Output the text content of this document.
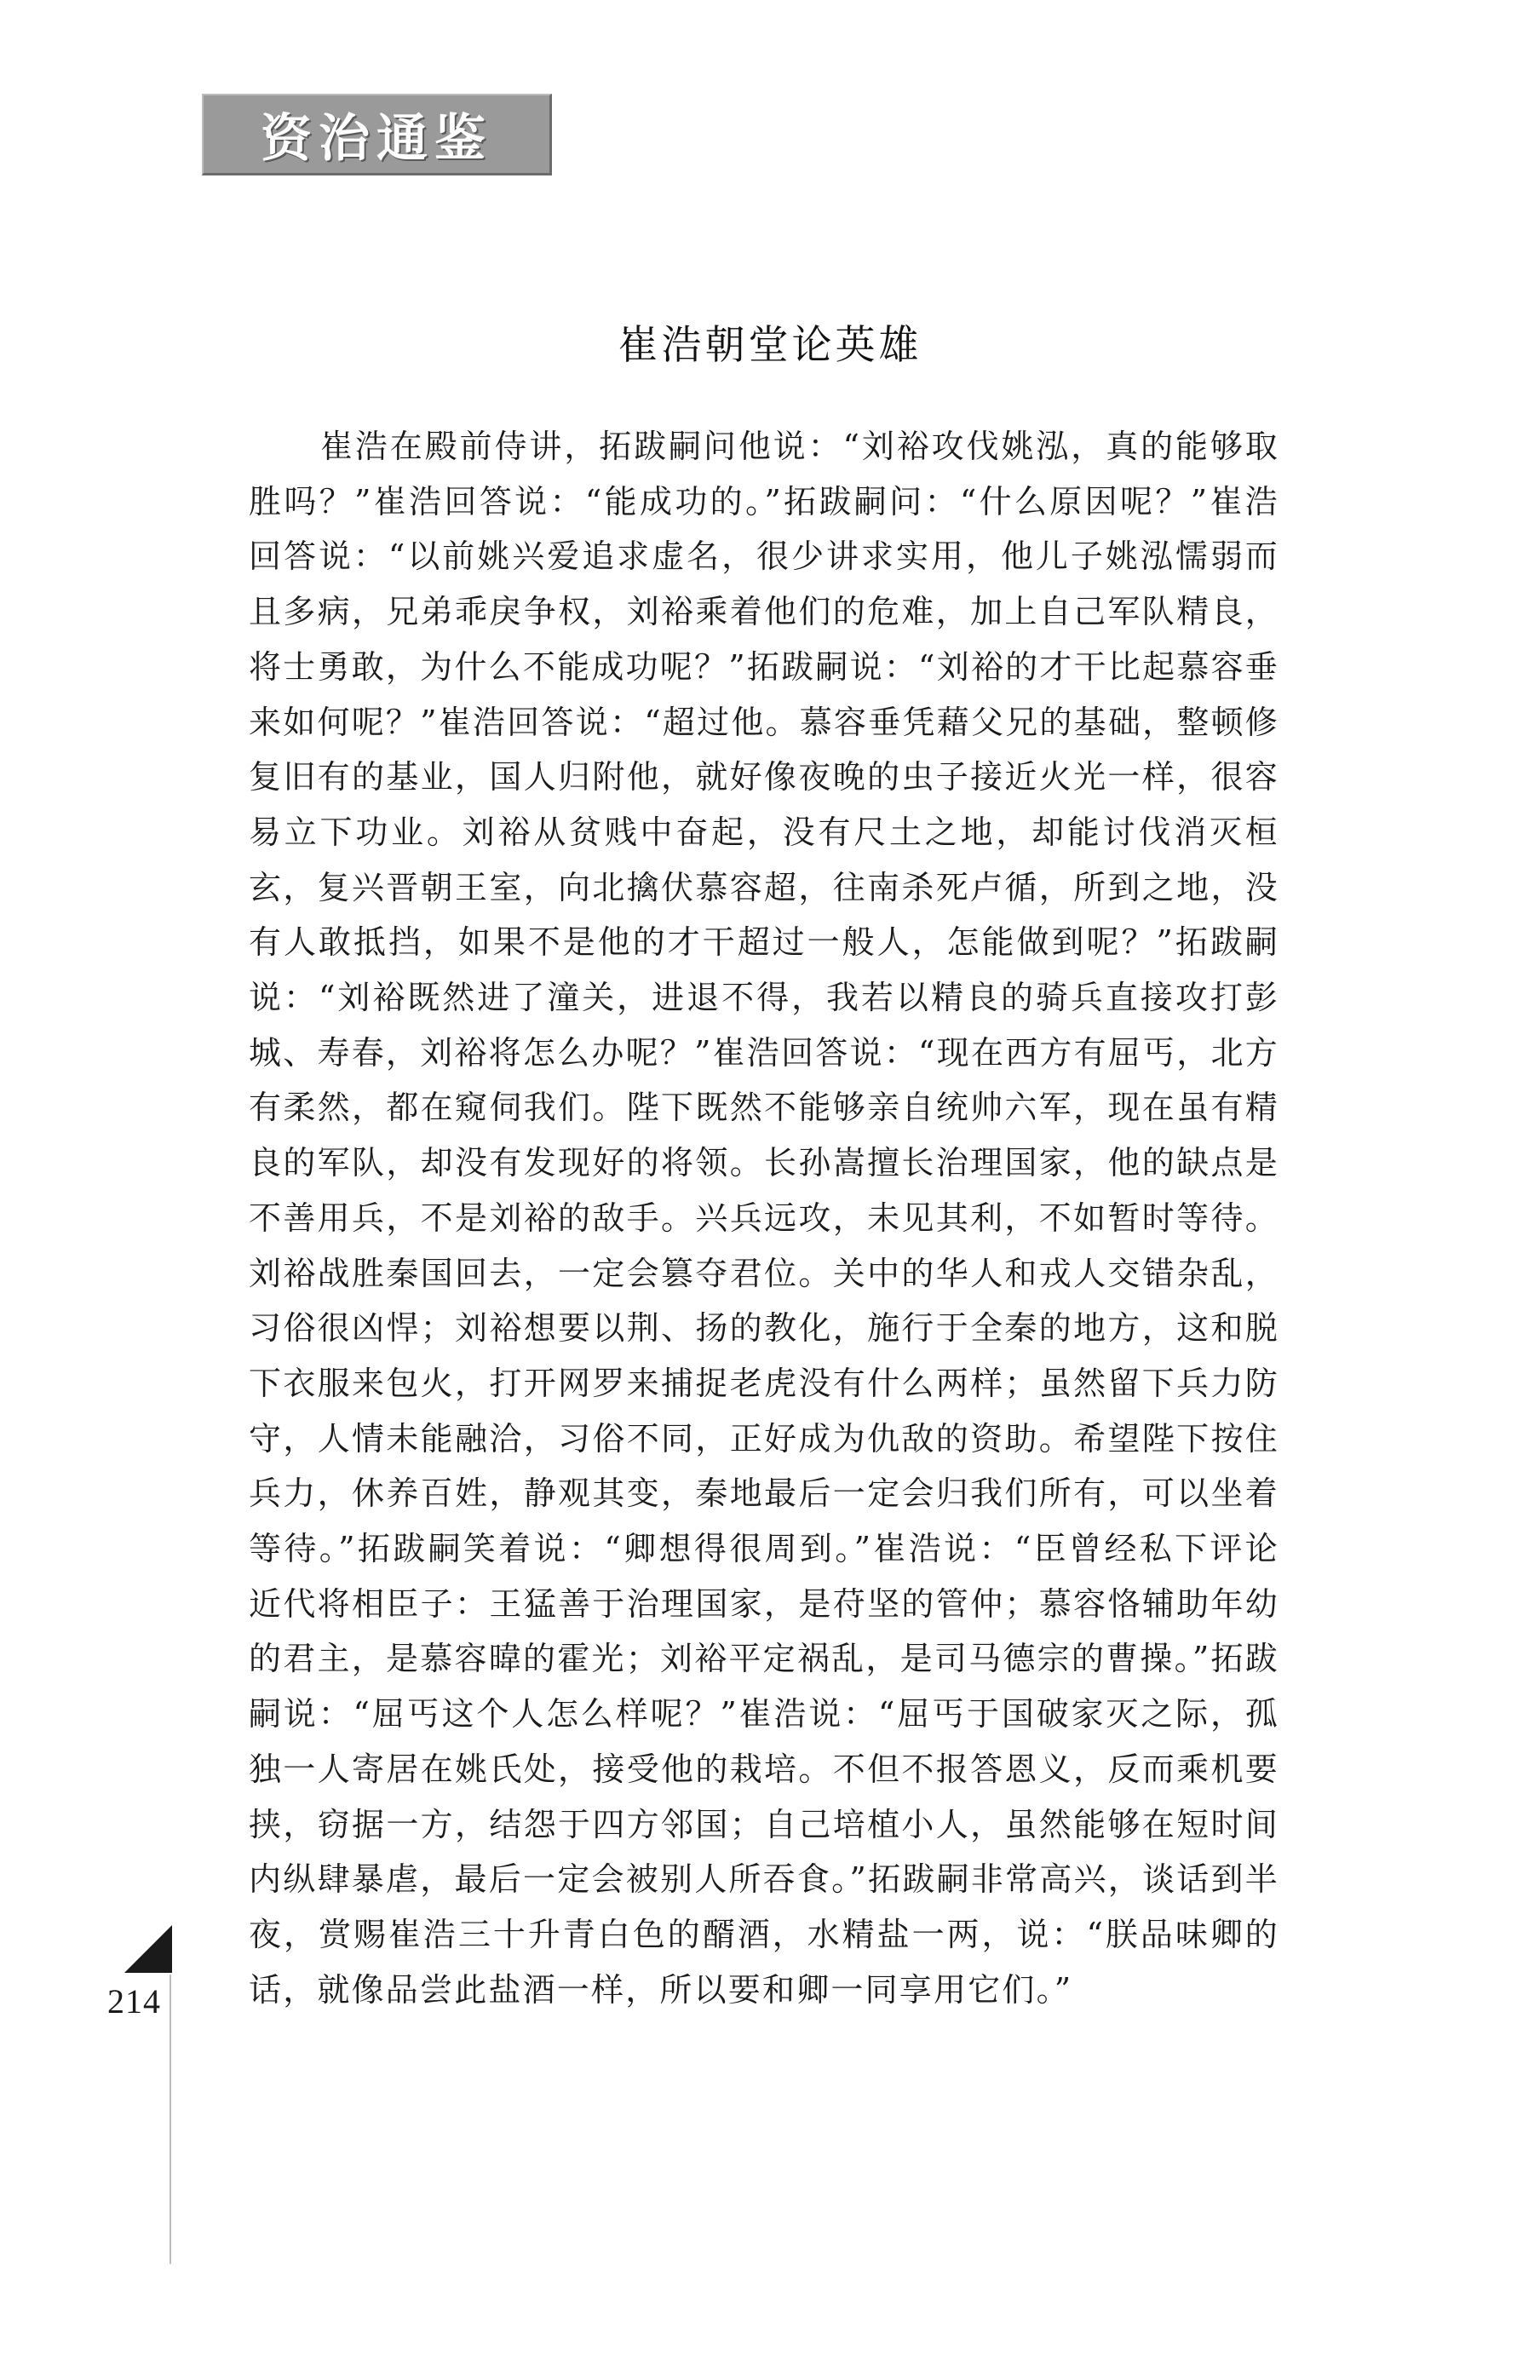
资治通鉴
崔浩朝堂论英雄

崔浩在殿前侍讲，拓跋嗣问他说：“刘裕攻伐姚泓，真的能够取胜吗？”崔浩回答说：“能成功的。”拓跋嗣问：“什么原因呢？”崔浩回答说：“以前姚兴爱追求虚名，很少讲求实用，他儿子姚泓懦弱而且多病，兄弟乖戾争权，刘裕乘着他们的危难，加上自己军队精良，将士勇敢，为什么不能成功呢？”拓跋嗣说：“刘裕的才干比起慕容垂来如何呢？”崔浩回答说：“超过他。慕容垂凭藉父兄的基础，整顿修复旧有的基业，国人归附他，就好像夜晚的虫子接近火光一样，很容易立下功业。刘裕从贫贱中奋起，没有尺土之地，却能讨伐消灭桓玄，复兴晋朝王室，向北擒伏慕容超，往南杀死卢循，所到之地，没有人敢抵挡，如果不是他的才干超过一般人，怎能做到呢？”拓跋嗣说：“刘裕既然进了潼关，进退不得，我若以精良的骑兵直接攻打彭城、寿春，刘裕将怎么办呢？”崔浩回答说：“现在西方有屈丐，北方有柔然，都在窥伺我们。陛下既然不能够亲自统帅六军，现在虽有精良的军队，却没有发现好的将领。长孙嵩擅长治理国家，他的缺点是不善用兵，不是刘裕的敌手。兴兵远攻，未见其利，不如暂时等待。刘裕战胜秦国回去，一定会篡夺君位。关中的华人和戎人交错杂乱，习俗很凶悍；刘裕想要以荆、扬的教化，施行于全秦的地方，这和脱下衣服来包火，打开网罗来捕捉老虎没有什么两样；虽然留下兵力防守，人情未能融洽，习俗不同，正好成为仇敌的资助。希望陛下按住兵力，休养百姓，静观其变，秦地最后一定会归我们所有，可以坐着等待。”拓跋嗣笑着说：“卿想得很周到。”崔浩说：“臣曾经私下评论近代将相臣子：王猛善于治理国家，是苻坚的管仲；慕容恪辅助年幼的君主，是慕容暐的霍光；刘裕平定祸乱，是司马德宗的曹操。”拓跋嗣说：“屈丐这个人怎么样呢？”崔浩说：“屈丐于国破家灭之际，孤独一人寄居在姚氏处，接受他的栽培。不但不报答恩义，反而乘机要挟，窃据一方，结怨于四方邻国；自己培植小人，虽然能够在短时间内纵肆暴虐，最后一定会被别人所吞食。”拓跋嗣非常高兴，谈话到半夜，赏赐崔浩三十升青白色的醑酒，水精盐一两，说：“朕品味卿的话，就像品尝此盐酒一样，所以要和卿一同享用它们。”

214
